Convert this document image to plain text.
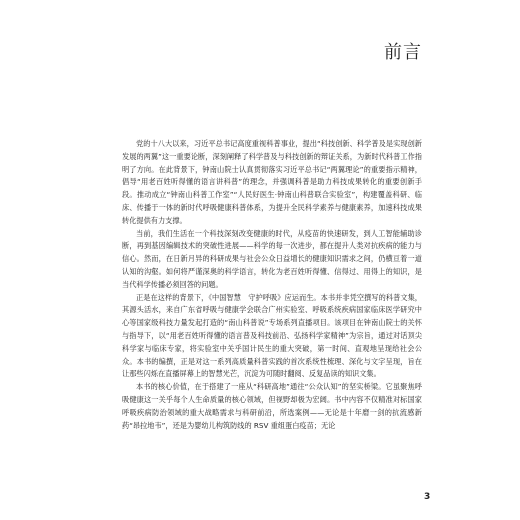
前言

党的十八大以来，习近平总书记高度重视科普事业，提出“科技创新、科学普及是实现创新发展的两翼”这一重要论断，深刻阐释了科学普及与科技创新的辩证关系，为新时代科普工作指明了方向。在此背景下，钟南山院士认真贯彻落实习近平总书记“两翼理论”的重要指示精神，倡导“用老百姓听得懂的语言讲科普”的理念，并强调科普是助力科技成果转化的重要创新手段。推动成立“钟南山科普工作室”“人民好医生·钟南山科普联合实验室”，构建覆盖科研、临床、传播于一体的新时代呼吸健康科普体系，为提升全民科学素养与健康素养，加速科技成果转化提供有力支撑。

当前，我们生活在一个科技深刻改变健康的时代，从疫苗的快速研发，到人工智能辅助诊断，再到基因编辑技术的突破性进展——科学的每一次进步，都在提升人类对抗疾病的能力与信心。然而，在日新月异的科研成果与社会公众日益增长的健康知识需求之间，仍横亘着一道认知的沟壑。如何将严谨深奥的科学语言，转化为老百姓听得懂、信得过、用得上的知识，是当代科学传播必须回答的问题。

正是在这样的背景下，《中国智慧　守护呼吸》应运而生。本书并非凭空撰写的科普文集，其源头活水，来自广东省呼吸与健康学会联合广州实验室、呼吸系统疾病国家临床医学研究中心等国家级科技力量发起打造的“南山科普说”专场系列直播项目。该项目在钟南山院士的关怀与指导下，以“用老百姓听得懂的语言普及科技前沿、弘扬科学家精神”为宗旨，通过对话顶尖科学家与临床专家，将实验室中关乎国计民生的重大突破，第一时间、直观地呈现给社会公众。本书的编撰，正是对这一系列高质量科普实践的首次系统性梳理、深化与文字呈现，旨在让那些闪烁在直播屏幕上的智慧光芒，沉淀为可随时翻阅、反复品读的知识文集。

本书的核心价值，在于搭建了一座从“科研高地”通往“公众认知”的坚实桥梁。它虽聚焦呼吸健康这一关乎每个人生命质量的核心领域，但视野却极为宏阔。书中内容不仅精准对标国家呼吸疾病防治领域的重大战略需求与科研前沿，所选案例——无论是十年磨一剑的抗流感新药“昂拉地韦”，还是为婴幼儿构筑防线的 RSV 重组蛋白疫苗；无论

3
